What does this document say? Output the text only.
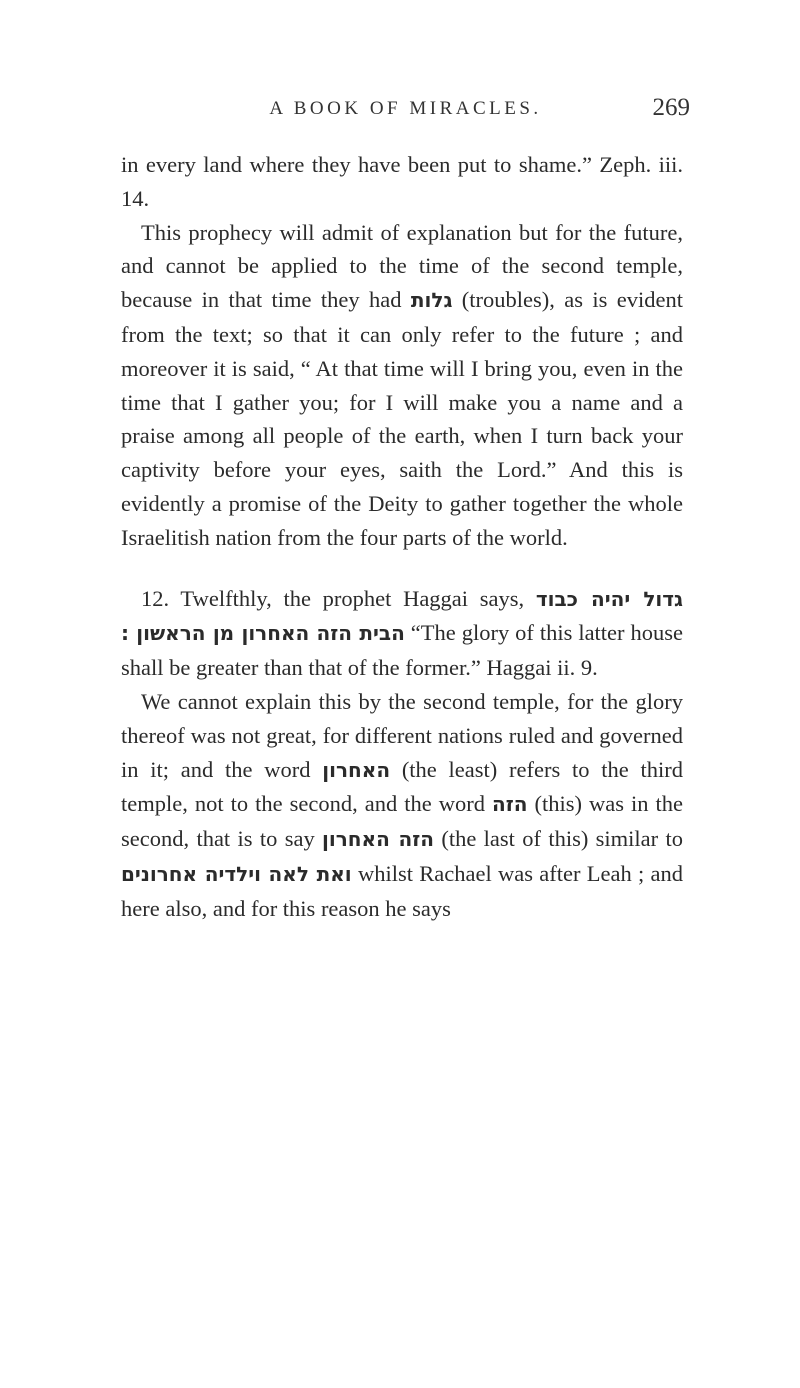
A BOOK OF MIRACLES.	269

in every land where they have been put to shame.” Zeph. iii. 14.

This prophecy will admit of explanation but for the future, and cannot be applied to the time of the second temple, because in that time they had גלות (troubles), as is evident from the text; so that it can only refer to the future ; and moreover it is said, “ At that time will I bring you, even in the time that I gather you; for I will make you a name and a praise among all people of the earth, when I turn back your captivity before your eyes, saith the Lord.” And this is evidently a promise of the Deity to gather together the whole Israelitish nation from the four parts of the world.

12. Twelfthly, the prophet Haggai says, גדול יהיה כבוד הבית הזה האחרון מן הראשון : “The glory of this latter house shall be greater than that of the former.” Haggai ii. 9.

We cannot explain this by the second temple, for the glory thereof was not great, for different nations ruled and governed in it; and the word האחרון (the least) refers to the third temple, not to the second, and the word הזה (this) was in the second, that is to say הזה האחרון (the last of this) similar to ואת לאה וילדיה אחרונים whilst Rachael was after Leah ; and here also, and for this reason he says
